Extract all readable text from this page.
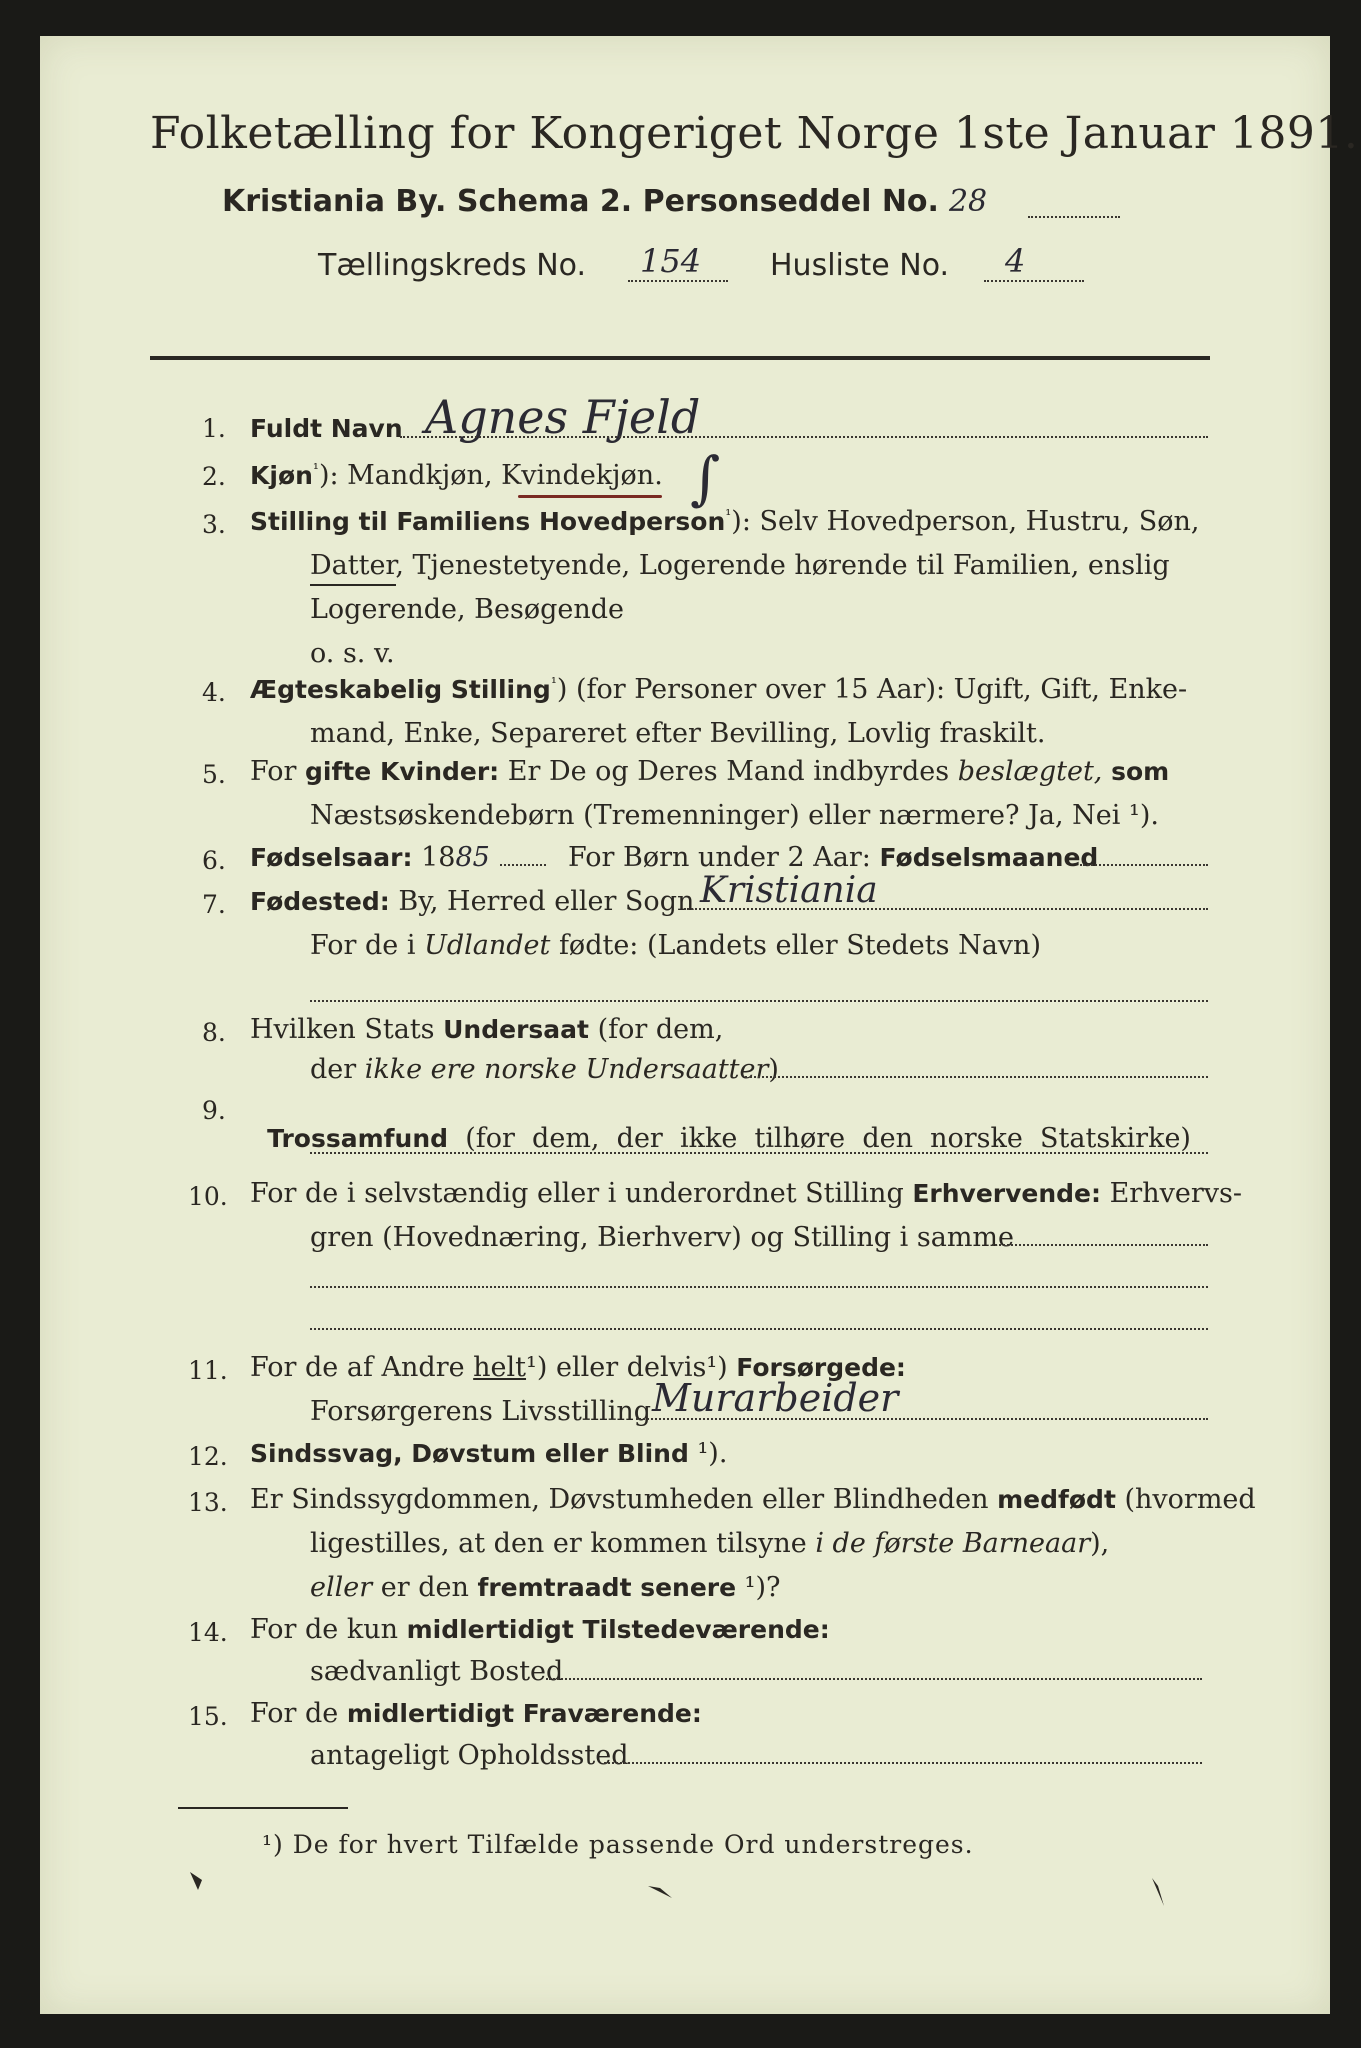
Folketælling for Kongeriget Norge 1ste Januar 1891.
Kristiania By. Schema 2. Personseddel No. 28
Tællingskreds No. 154 Husliste No. 4
1. Fuldt Navn Agnes Fjeld
2. Kjøn$^{^1}$): Mandkjøn, Kvindekjøn. ∫
3. Stilling til Familiens Hovedperson$^{^1}$): Selv Hovedperson, Hustru, Søn,
Datter, Tjenestetyende, Logerende hørende til Familien, enslig
Logerende, Besøgende
o. s. v.
4. Ægteskabelig Stilling$^{^1}$) (for Personer over 15 Aar): Ugift, Gift, Enke-
mand, Enke, Separeret efter Bevilling, Lovlig fraskilt.
5. For gifte Kvinder: Er De og Deres Mand indbyrdes beslægtet, som
Næstsøskendebørn (Tremenninger) eller nærmere? Ja, Nei ¹).
6. Fødselsaar: 1885	For Børn under 2 Aar: Fødselsmaaned
7. Fødested: By, Herred eller Sogn Kristiania
For de i Udlandet fødte: (Landets eller Stedets Navn)
8. Hvilken Stats Undersaat (for dem,
der ikke ere norske Undersaatter)
9.

Trossamfund  (for  dem,  der  ikke  tilhøre  den  norske  Statskirke)

10. For de i selvstændig eller i underordnet Stilling Erhvervende: Erhvervs-
gren (Hovednæring, Bierhverv) og Stilling i samme
11. For de af Andre helt¹) eller delvis¹) Forsørgede:
Forsørgerens Livsstilling Murarbeider
12. Sindssvag, Døvstum eller Blind ¹).
13. Er Sindssygdommen, Døvstumheden eller Blindheden medfødt (hvormed
ligestilles, at den er kommen tilsyne i de første Barneaar),
eller er den fremtraadt senere ¹)?
14. For de kun midlertidigt Tilstedeværende:
sædvanligt Bosted
15. For de midlertidigt Fraværende:
antageligt Opholdssted
¹) De for hvert Tilfælde passende Ord understreges.
